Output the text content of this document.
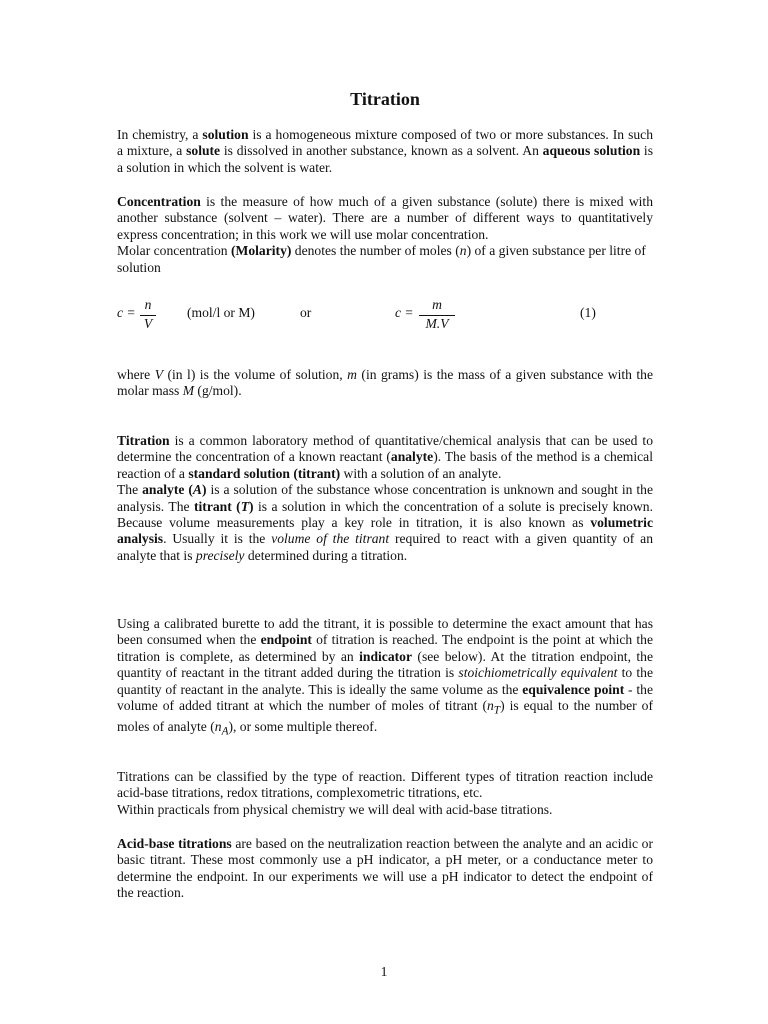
Titration

In chemistry, a solution is a homogeneous mixture composed of two or more substances. In such a mixture, a solute is dissolved in another substance, known as a solvent. An aqueous solution is a solution in which the solvent is water.

Concentration is the measure of how much of a given substance (solute) there is mixed with another substance (solvent – water). There are a number of different ways to quantitatively express concentration; in this work we will use molar concentration.

Molar concentration (Molarity) denotes the number of moles (n) of a given substance per litre of solution

c =
n
V
(mol/l or M)	or	c =
m
M.V
(1)

where V (in l) is the volume of solution, m (in grams) is the mass of a given substance with the molar mass M (g/mol).

Titration is a common laboratory method of quantitative/chemical analysis that can be used to determine the concentration of a known reactant (analyte). The basis of the method is a chemical reaction of a standard solution (titrant) with a solution of an analyte.

The analyte (A) is a solution of the substance whose concentration is unknown and sought in the analysis. The titrant (T) is a solution in which the concentration of a solute is precisely known. Because volume measurements play a key role in titration, it is also known as volumetric analysis. Usually it is the volume of the titrant required to react with a given quantity of an analyte that is precisely determined during a titration.

Using a calibrated burette to add the titrant, it is possible to determine the exact amount that has been consumed when the endpoint of titration is reached. The endpoint is the point at which the titration is complete, as determined by an indicator (see below). At the titration endpoint, the quantity of reactant in the titrant added during the titration is stoichiometrically equivalent to the quantity of reactant in the analyte. This is ideally the same volume as the equivalence point - the volume of added titrant at which the number of moles of titrant $(n_T)$ is equal to the number of moles of analyte $(n_A)$, or some multiple thereof.

Titrations can be classified by the type of reaction. Different types of titration reaction include acid-base titrations, redox titrations, complexometric titrations, etc.

Within practicals from physical chemistry we will deal with acid-base titrations.

Acid-base titrations are based on the neutralization reaction between the analyte and an acidic or basic titrant. These most commonly use a pH indicator, a pH meter, or a conductance meter to determine the endpoint. In our experiments we will use a pH indicator to detect the endpoint of the reaction.

1
